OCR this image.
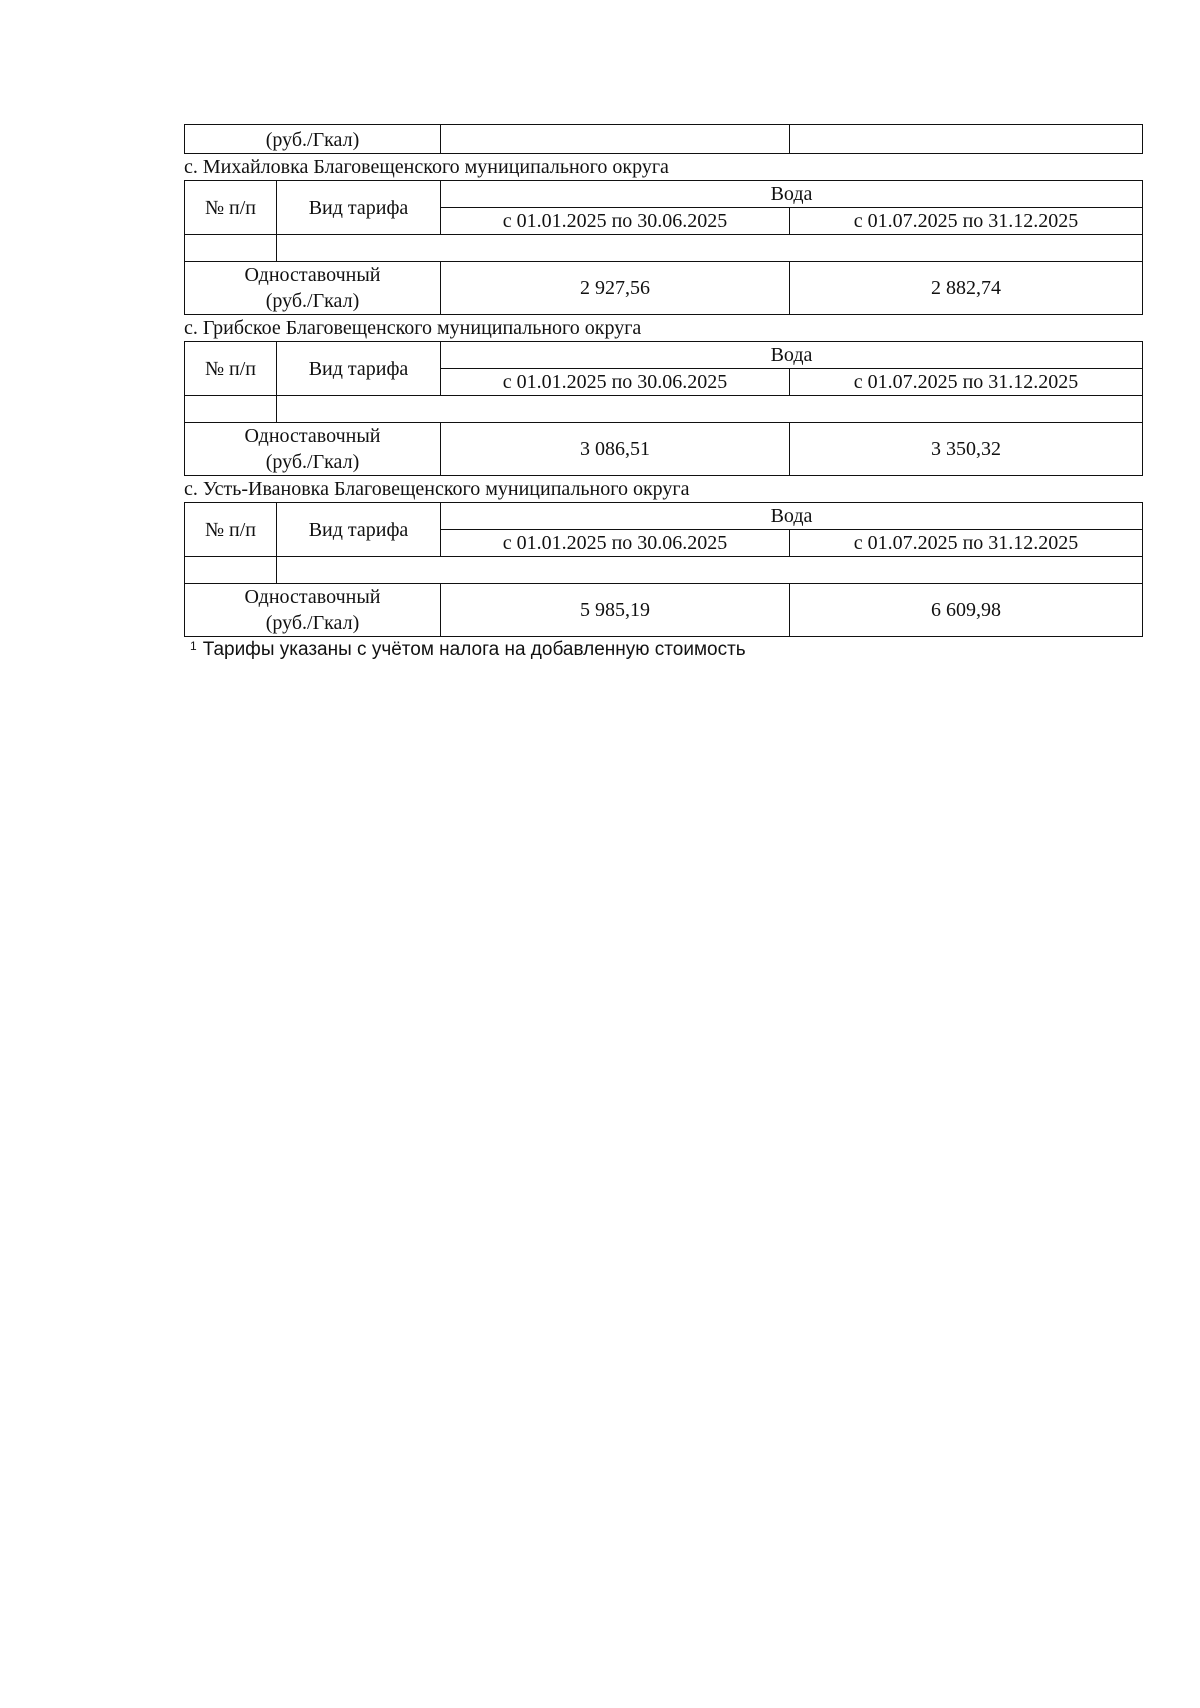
(руб./Гкал)		
с. Михайловка Благовещенского муниципального округа
№ п/п	Вид тарифа	Вода	
		с 01.01.2025 по 30.06.2025	с 01.07.2025 по 31.12.2025

Одноставочный
(руб./Гкал)		2 927,56	2 882,74
с. Грибское Благовещенского муниципального округа
№ п/п	Вид тарифа	Вода	
		с 01.01.2025 по 30.06.2025	с 01.07.2025 по 31.12.2025

Одноставочный
(руб./Гкал)		3 086,51	3 350,32
с. Усть-Ивановка Благовещенского муниципального округа
№ п/п	Вид тарифа	Вода	
		с 01.01.2025 по 30.06.2025	с 01.07.2025 по 31.12.2025

Одноставочный
(руб./Гкал)		5 985,19	6 609,98
$^1$ Тарифы указаны с учётом налога на добавленную стоимость
